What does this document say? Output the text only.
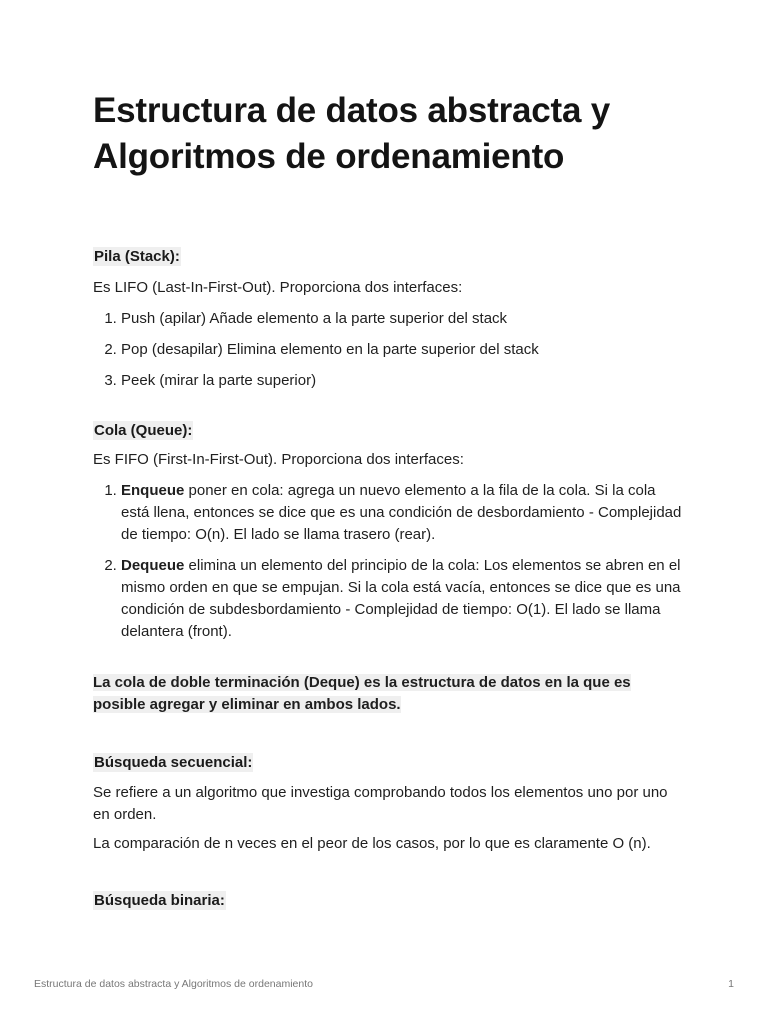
Estructura de datos abstracta y Algoritmos de ordenamiento
Pila (Stack):

Es LIFO (Last-In-First-Out). Proporciona dos interfaces:

1. Push (apilar) Añade elemento a la parte superior del stack
2. Pop (desapilar) Elimina elemento en la parte superior del stack
3. Peek (mirar la parte superior)
Cola (Queue):

Es FIFO (First-In-First-Out). Proporciona dos interfaces:

1. Enqueue poner en cola: agrega un nuevo elemento a la fila de la cola. Si la cola está llena, entonces se dice que es una condición de desbordamiento - Complejidad de tiempo: O(n). El lado se llama trasero (rear).
2. Dequeue elimina un elemento del principio de la cola: Los elementos se abren en el mismo orden en que se empujan. Si la cola está vacía, entonces se dice que es una condición de subdesbordamiento - Complejidad de tiempo: O(1). El lado se llama delantera (front).
La cola de doble terminación (Deque) es la estructura de datos en la que es posible agregar y eliminar en ambos lados.
Búsqueda secuencial:

Se refiere a un algoritmo que investiga comprobando todos los elementos uno por uno en orden.

La comparación de n veces en el peor de los casos, por lo que es claramente O (n).

Búsqueda binaria:
Estructura de datos abstracta y Algoritmos de ordenamiento	1
